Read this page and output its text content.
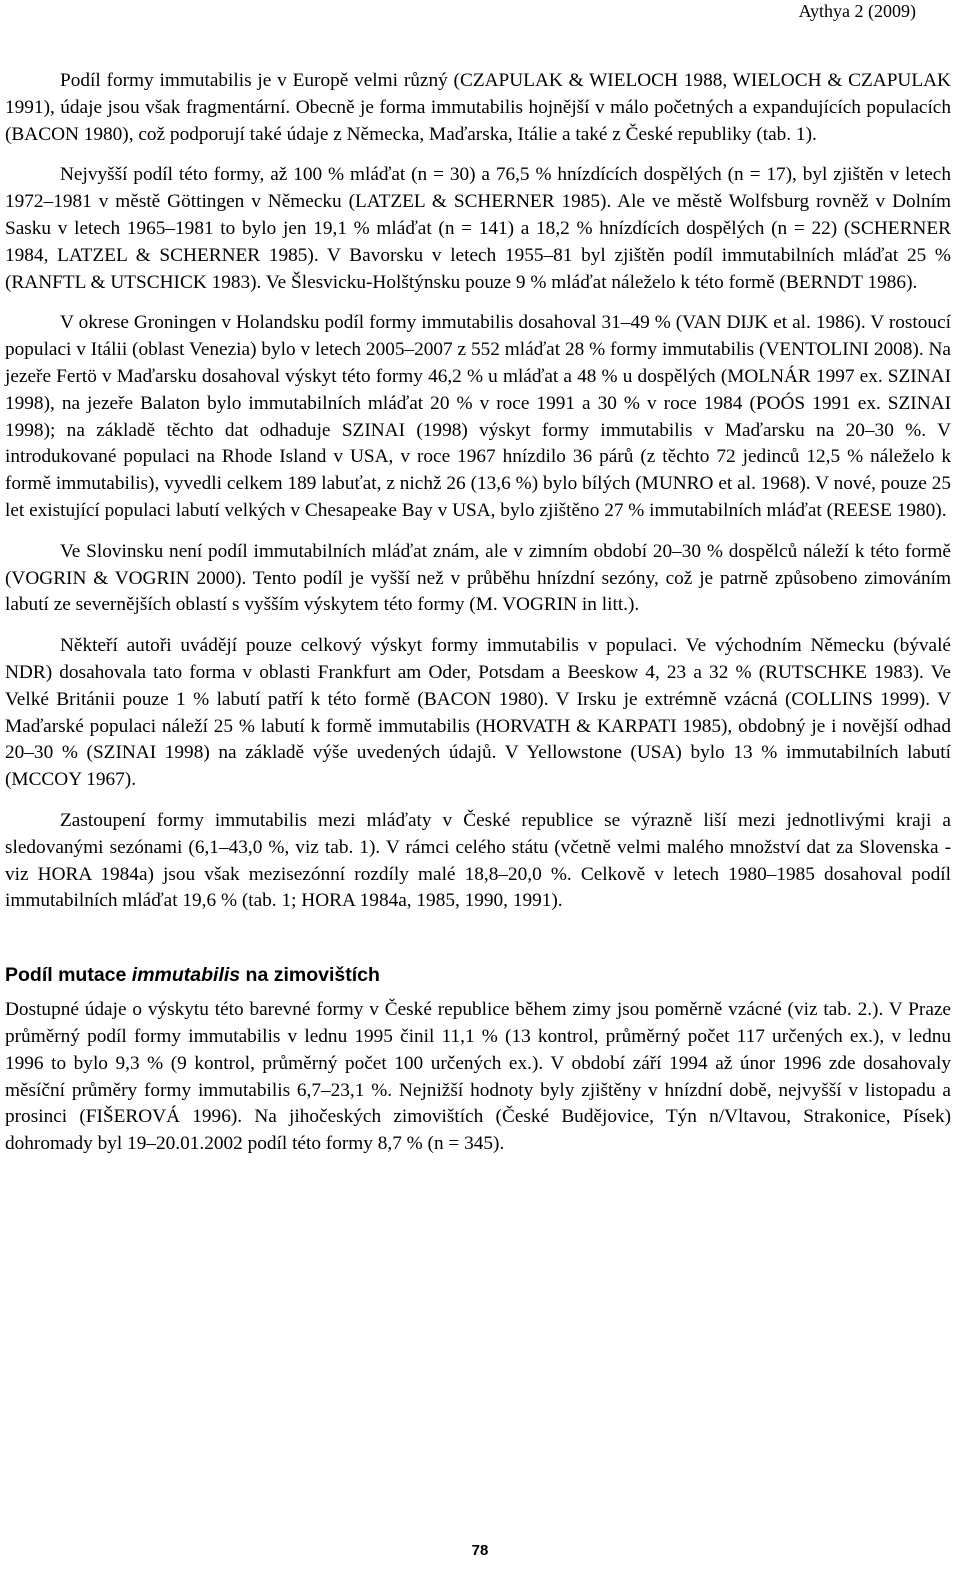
Aythya 2 (2009)

Podíl formy immutabilis je v Europě velmi různý (CZAPULAK & WIELOCH 1988, WIELOCH & CZAPULAK 1991), údaje jsou však fragmentární. Obecně je forma immutabilis hojnější v málo početných a expandujících populacích (BACON 1980), což podporují také údaje z Německa, Maďarska, Itálie a také z České republiky (tab. 1).

Nejvyšší podíl této formy, až 100 % mláďat (n = 30) a 76,5 % hnízdících dospělých (n = 17), byl zjištěn v letech 1972–1981 v městě Göttingen v Německu (LATZEL & SCHERNER 1985). Ale ve městě Wolfsburg rovněž v Dolním Sasku v letech 1965–1981 to bylo jen 19,1 % mláďat (n = 141) a 18,2 % hnízdících dospělých (n = 22) (SCHERNER 1984, LATZEL & SCHERNER 1985). V Bavorsku v letech 1955–81 byl zjištěn podíl immutabilních mláďat 25 % (RANFTL & UTSCHICK 1983). Ve Šlesvicku-Holštýnsku pouze 9 % mláďat náleželo k této formě (BERNDT 1986).

V okrese Groningen v Holandsku podíl formy immutabilis dosahoval 31–49 % (VAN DIJK et al. 1986). V rostoucí populaci v Itálii (oblast Venezia) bylo v letech 2005–2007 z 552 mláďat 28 % formy immutabilis (VENTOLINI 2008). Na jezeře Fertö v Maďarsku dosahoval výskyt této formy 46,2 % u mláďat a 48 % u dospělých (MOLNÁR 1997 ex. SZINAI 1998), na jezeře Balaton bylo immutabilních mláďat 20 % v roce 1991 a 30 % v roce 1984 (POÓS 1991 ex. SZINAI 1998); na základě těchto dat odhaduje SZINAI (1998) výskyt formy immutabilis v Maďarsku na 20–30 %. V introdukované populaci na Rhode Island v USA, v roce 1967 hnízdilo 36 párů (z těchto 72 jedinců 12,5 % náleželo k formě immutabilis), vyvedli celkem 189 labuťat, z nichž 26 (13,6 %) bylo bílých (MUNRO et al. 1968). V nové, pouze 25 let existující populaci labutí velkých v Chesapeake Bay v USA, bylo zjištěno 27 % immutabilních mláďat (REESE 1980).

Ve Slovinsku není podíl immutabilních mláďat znám, ale v zimním období 20–30 % dospělců náleží k této formě (VOGRIN & VOGRIN 2000). Tento podíl je vyšší než v průběhu hnízdní sezóny, což je patrně způsobeno zimováním labutí ze severnějších oblastí s vyšším výskytem této formy (M. VOGRIN in litt.).

Někteří autoři uvádějí pouze celkový výskyt formy immutabilis v populaci. Ve východním Německu (bývalé NDR) dosahovala tato forma v oblasti Frankfurt am Oder, Potsdam a Beeskow 4, 23 a 32 % (RUTSCHKE 1983). Ve Velké Británii pouze 1 % labutí patří k této formě (BACON 1980). V Irsku je extrémně vzácná (COLLINS 1999). V Maďarské populaci náleží 25 % labutí k formě immutabilis (HORVATH & KARPATI 1985), obdobný je i novější odhad 20–30 % (SZINAI 1998) na základě výše uvedených údajů. V Yellowstone (USA) bylo 13 % immutabilních labutí (MCCOY 1967).

Zastoupení formy immutabilis mezi mláďaty v České republice se výrazně liší mezi jednotlivými kraji a sledovanými sezónami (6,1–43,0 %, viz tab. 1). V rámci celého státu (včetně velmi malého množství dat za Slovenska - viz HORA 1984a) jsou však mezisezónní rozdíly malé 18,8–20,0 %. Celkově v letech 1980–1985 dosahoval podíl immutabilních mláďat 19,6 % (tab. 1; HORA 1984a, 1985, 1990, 1991).

Podíl mutace immutabilis na zimovištích

Dostupné údaje o výskytu této barevné formy v České republice během zimy jsou poměrně vzácné (viz tab. 2.). V Praze průměrný podíl formy immutabilis v lednu 1995 činil 11,1 % (13 kontrol, průměrný počet 117 určených ex.), v lednu 1996 to bylo 9,3 % (9 kontrol, průměrný počet 100 určených ex.). V období září 1994 až únor 1996 zde dosahovaly měsíční průměry formy immutabilis 6,7–23,1 %. Nejnižší hodnoty byly zjištěny v hnízdní době, nejvyšší v listopadu a prosinci (FIŠEROVÁ 1996). Na jihočeských zimovištích (České Budějovice, Týn n/Vltavou, Strakonice, Písek) dohromady byl 19–20.01.2002 podíl této formy 8,7 % (n = 345).

78
